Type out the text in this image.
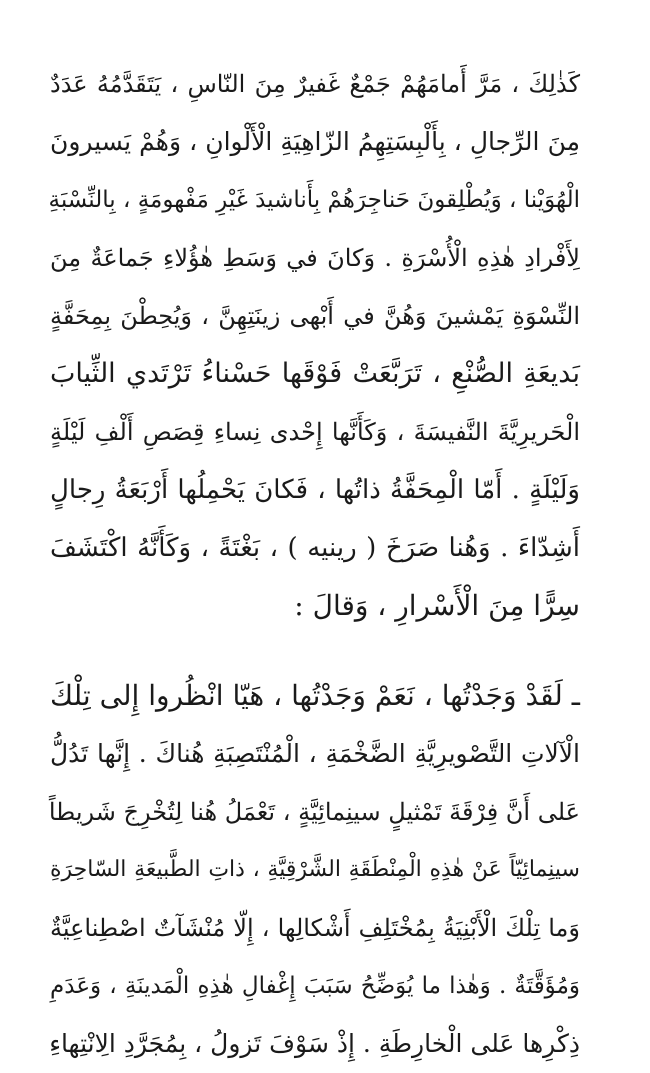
كَذٰلِكَ ، مَرَّ أَمامَهُمْ جَمْعٌ غَفيرٌ مِنَ النّاسِ ، يَتَقَدَّمُهُ عَدَدٌ
مِنَ الرِّجالِ ، بِأَلْبِسَتِهِمُ الزّاهِيَةِ الْأَلْوانِ ، وَهُمْ يَسيرونَ
الْهُوَيْنا ، وَيُطْلِقونَ حَناجِرَهُمْ بِأَناشيدَ غَيْرِ مَفْهومَةٍ ، بِالنِّسْبَةِ
لِأَفْرادِ هٰذِهِ الْأُسْرَةِ . وَكانَ في وَسَطِ هٰؤُلاءِ جَماعَةٌ مِنَ
النِّسْوَةِ يَمْشينَ وَهُنَّ في أَبْهى زينَتِهِنَّ ، وَيُحِطْنَ بِمِحَفَّةٍ
بَديعَةِ الصُّنْعِ ، تَرَبَّعَتْ فَوْقَها حَسْناءُ تَرْتَدي الثِّيابَ
الْحَريرِيَّةَ النَّفيسَةَ ، وَكَأَنَّها إِحْدى نِساءِ قِصَصِ أَلْفِ لَيْلَةٍ
وَلَيْلَةٍ . أَمّا الْمِحَفَّةُ ذاتُها ، فَكانَ يَحْمِلُها أَرْبَعَةُ رِجالٍ
أَشِدّاءَ . وَهُنا صَرَخَ ( رينيه ) ، بَغْتَةً ، وَكَأَنَّهُ اكْتَشَفَ
سِرًّا مِنَ الْأَسْرارِ ، وَقالَ :
ـ لَقَدْ وَجَدْتُها ، نَعَمْ وَجَدْتُها ، هَيّا انْظُروا إِلى تِلْكَ
الْآلاتِ التَّصْويرِيَّةِ الضَّخْمَةِ ، الْمُنْتَصِبَةِ هُناكَ . إِنَّها تَدُلُّ
عَلى أَنَّ فِرْقَةَ تَمْثيلٍ سينِمائِيَّةٍ ، تَعْمَلُ هُنا لِتُخْرِجَ شَريطاً
سينِمائِيّاً عَنْ هٰذِهِ الْمِنْطَقَةِ الشَّرْقِيَّةِ ، ذاتِ الطَّبيعَةِ السّاحِرَةِ
وَما تِلْكَ الْأَبْنِيَةُ بِمُخْتَلِفِ أَشْكالِها ، إِلّا مُنْشَآتٌ اصْطِناعِيَّةٌ
وَمُؤَقَّتَةٌ . وَهٰذا ما يُوَضِّحُ سَبَبَ إِغْفالِ هٰذِهِ الْمَدينَةِ ، وَعَدَمِ
ذِكْرِها عَلى الْخارِطَةِ . إِذْ سَوْفَ تَزولُ ، بِمُجَرَّدِ الِانْتِهاءِ
